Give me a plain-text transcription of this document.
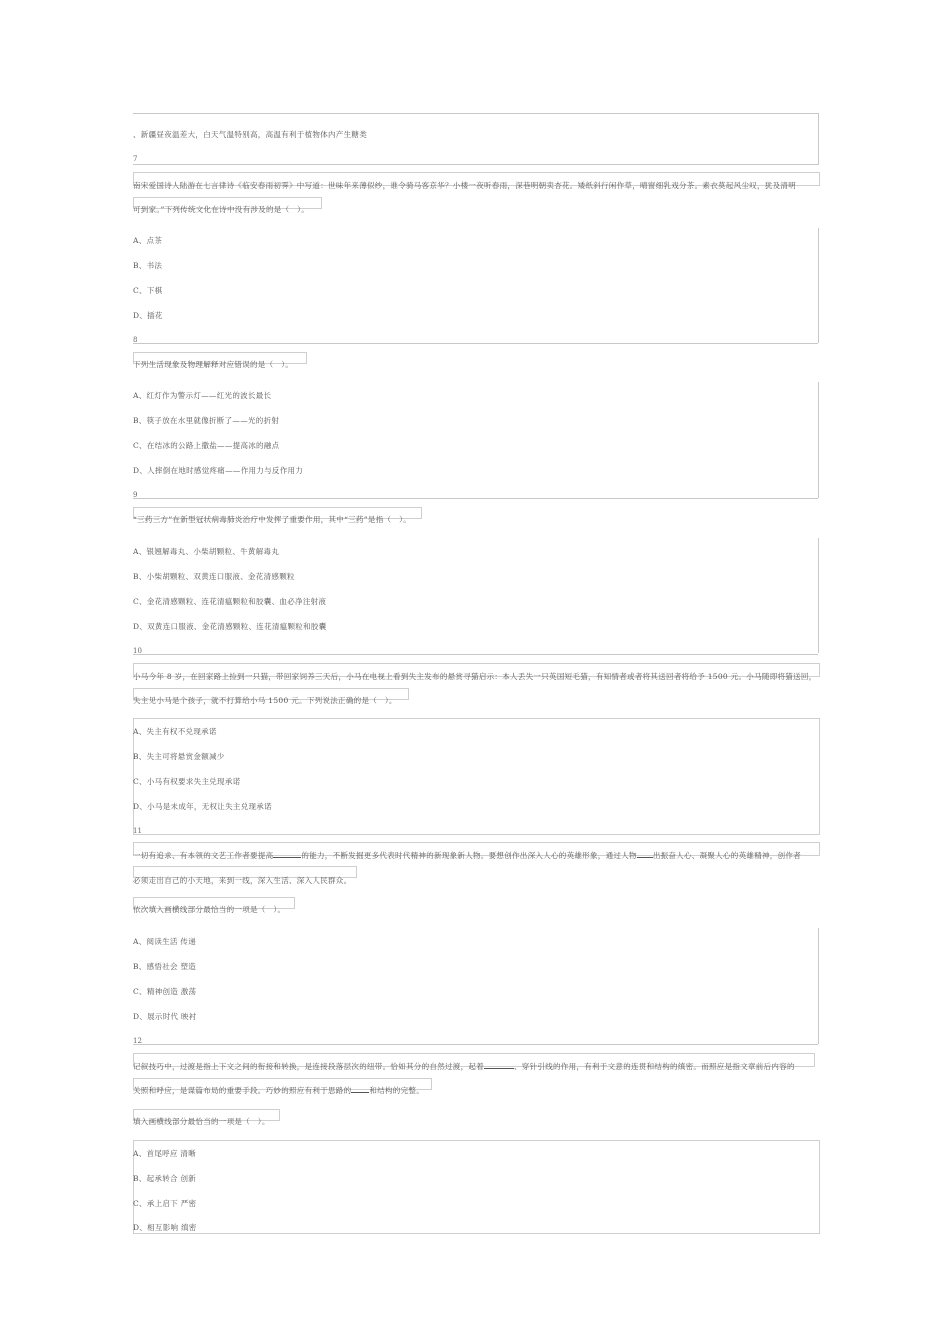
、新疆昼夜温差大，白天气温特别高，高温有利于植物体内产生糖类
7
南宋爱国诗人陆游在七言律诗《临安春雨初霁》中写道：世味年来薄似纱，谁令骑马客京华？小楼一夜听春雨，深巷明朝卖杏花。矮纸斜行闲作草，晴窗细乳戏分茶。素衣莫起风尘叹，犹及清明
可到家。”下列传统文化在诗中没有涉及的是（　）。
A、点茶
B、书法
C、下棋
D、插花
8
下列生活现象及物理解释对应错误的是（　）。
A、红灯作为警示灯——红光的波长最长
B、筷子放在水里就像折断了——光的折射
C、在结冰的公路上撒盐——提高冰的融点
D、人摔倒在地时感觉疼痛——作用力与反作用力
9
“三药三方”在新型冠状病毒肺炎治疗中发挥了重要作用，其中“三药”是指（　）。
A、银翘解毒丸、小柴胡颗粒、牛黄解毒丸
B、小柴胡颗粒、双黄连口服液、金花清感颗粒
C、金花清感颗粒、连花清瘟颗粒和胶囊、血必净注射液
D、双黄连口服液、金花清感颗粒、连花清瘟颗粒和胶囊
10
小马今年 8 岁，在回家路上捡到一只猫，带回家饲养三天后，小马在电视上看到失主发布的悬赏寻猫启示：本人丢失一只英国短毛猫，有知情者或者将其送回者将给予 1500 元。小马随即将猫送回，
失主见小马是个孩子，就不打算给小马 1500 元。下列说法正确的是（　）。
A、失主有权不兑现承诺
B、失主可将悬赏金额减少
C、小马有权要求失主兑现承诺
D、小马是未成年，无权让失主兑现承诺
11
一切有追求、有本领的文艺工作者要提高	的能力，不断发掘更多代表时代精神的新现象新人物。要想创作出深入人心的英雄形象，通过人物 出振奋人心、凝聚人心的英雄精神，创作者
必须走出自己的小天地，来到一线，深入生活、深入人民群众。
依次填入画横线部分最恰当的一项是（　）。
A、阅读生活 传递
B、感悟社会 塑造
C、精神创造 激荡
D、展示时代 映衬
12
记叙技巧中，过渡是指上下文之间的衔接和转换，是连接段落层次的纽带。恰如其分的自然过渡，起着	、穿针引线的作用，有利于文意的连贯和结构的缜密。而照应是指文章前后内容的
关照和呼应，是谋篇布局的重要手段。巧妙的照应有利于思路的 和结构的完整。
填入画横线部分最恰当的一项是（　）。
A、首尾呼应 清晰
B、起承转合 创新
C、承上启下 严密
D、相互影响 缜密
